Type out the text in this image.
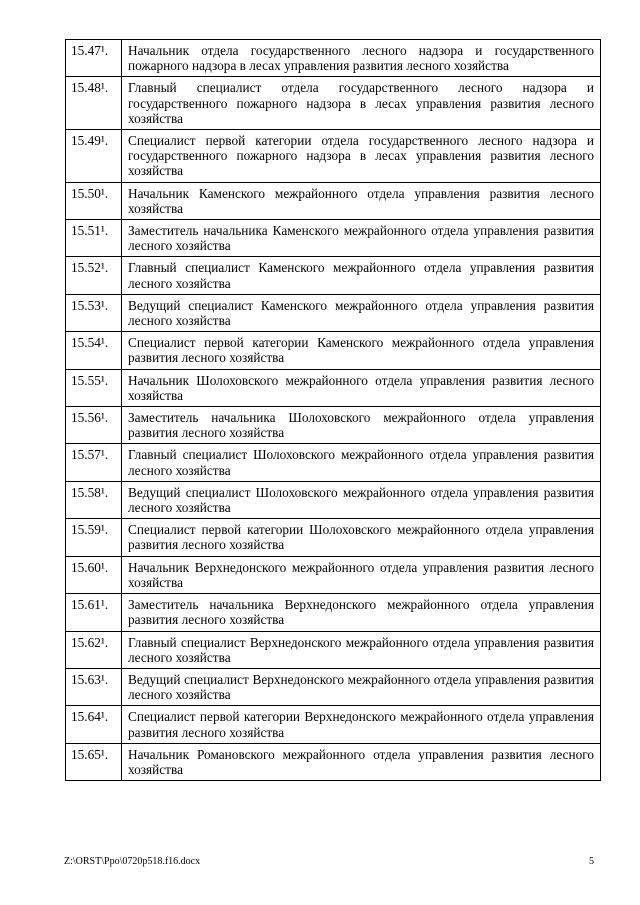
15.47¹.	Начальник отдела государственного лесного надзора и государственного пожарного надзора в лесах управления развития лесного хозяйства
15.48¹.	Главный специалист отдела государственного лесного надзора и государственного пожарного надзора в лесах управления развития лесного хозяйства
15.49¹.	Специалист первой категории отдела государственного лесного надзора и государственного пожарного надзора в лесах управления развития лесного хозяйства
15.50¹.	Начальник Каменского межрайонного отдела управления развития лесного хозяйства
15.51¹.	Заместитель начальника Каменского межрайонного отдела управления развития лесного хозяйства
15.52¹.	Главный специалист Каменского межрайонного отдела управления развития лесного хозяйства
15.53¹.	Ведущий специалист Каменского межрайонного отдела управления развития лесного хозяйства
15.54¹.	Специалист первой категории Каменского межрайонного отдела управления развития лесного хозяйства
15.55¹.	Начальник Шолоховского межрайонного отдела управления развития лесного хозяйства
15.56¹.	Заместитель начальника Шолоховского межрайонного отдела управления развития лесного хозяйства
15.57¹.	Главный специалист Шолоховского межрайонного отдела управления развития лесного хозяйства
15.58¹.	Ведущий специалист Шолоховского межрайонного отдела управления развития лесного хозяйства
15.59¹.	Специалист первой категории Шолоховского межрайонного отдела управления развития лесного хозяйства
15.60¹.	Начальник Верхнедонского межрайонного отдела управления развития лесного хозяйства
15.61¹.	Заместитель начальника Верхнедонского межрайонного отдела управления развития лесного хозяйства
15.62¹.	Главный специалист Верхнедонского межрайонного отдела управления развития лесного хозяйства
15.63¹.	Ведущий специалист Верхнедонского межрайонного отдела управления развития лесного хозяйства
15.64¹.	Специалист первой категории Верхнедонского межрайонного отдела управления развития лесного хозяйства
15.65¹.	Начальник Романовского межрайонного отдела управления развития лесного хозяйства
Z:\ORST\Ppo\0720p518.f16.docx	5
